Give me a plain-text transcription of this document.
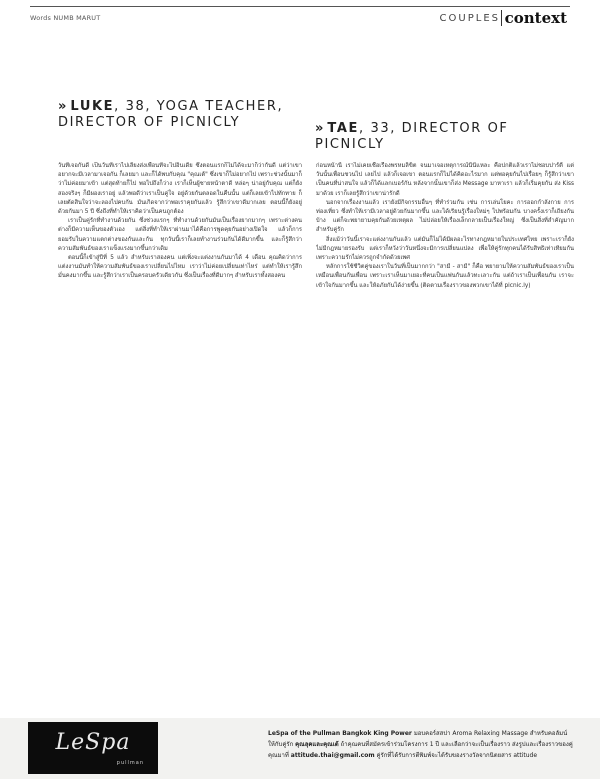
Words NUMB MARUT	COUPLES context
» LUKE, 38, YOGA TEACHER, DIRECTOR OF PICNICLY	» TAE, 33, DIRECTOR OF PICNICLY

วันที่เจอกันดี เป็นวันที่เราไปเลี้ยงส่งเพื่อนที่จะไปอินเดีย ซึ่งตอนแรกก็ไม่ได้จะมาก็ว่ากันดี แต่ว่าเขาอยากจะมีเวลามาเจอกัน ก็เลยมา และก็ได้พบกับคุณ "คุณเต้" ซึ่งเขาก็ไม่อยากไป เพราะช่วงนั้นมาก็ว่าไม่ค่อยมาเข้า แต่สุดท้ายก็ไป พอไปถึงก็ว่าง เราก็เห็นผู้ชายหน้าตาดี หล่อๆ น่าอยู่กับคุณ แต่ก็ยังสองจริงๆ ก็มีผองเราอยู่ แล้วพอดีว่าเราเป็นคู่ใจ อยู่ด้วยกันตลอดในคืนนั้น แต่ก็เลยเข้าไปทักทาย ก็เลยตัดสินใจว่าจะลองไปคบกัน มันเกิดจากว่าพอเราคุยกันแล้ว รู้สึกว่าเขาดีมากเลย ตอนนี้ก็ยังอยู่ด้วยกันมา 5 ปี ซึ่งถึงที่ทำให้เราคิดว่าเป็นคนถูกต้อง

เราเป็นคู่รักที่ทำงานด้วยกัน ซึ่งช่วงแรกๆ ที่ทำงานด้วยกันมันเป็นเรื่องยากมากๆ เพราะต่างคนต่างก็มีความเห็นของตัวเอง แต่สิ่งที่ทำให้เราผ่านมาได้คือการพูดคุยกันอย่างเปิดใจ แล้วก็การยอมรับในความแตกต่างของกันและกัน ทุกวันนี้เราก็เลยทำงานร่วมกันได้ดีมากขึ้น และก็รู้สึกว่าความสัมพันธ์ของเราแข็งแรงมากขึ้นกว่าเดิม

ตอนนี้ก็เข้าสู่ปีที่ 5 แล้ว สำหรับเราสองคน แต่เพิ่งจะแต่งงานกันมาได้ 4 เดือน คุณคิดว่าการแต่งงานมันทำให้ความสัมพันธ์ของเราเปลี่ยนไปไหม เราว่าไม่ค่อยเปลี่ยนเท่าไหร่ แต่ทำให้เรารู้สึกมั่นคงมากขึ้น และรู้สึกว่าเราเป็นครอบครัวเดียวกัน ซึ่งเป็นเรื่องที่ดีมากๆ สำหรับเราทั้งสองคน

ก่อนหน้านี้ เราไม่เคยเชื่อเรื่องพรหมลิขิต จนมาเจอเหตุการณ์นี้นี่แหละ คือปกติแล้วเราไม่ชอบปาร์ตี้ แต่วันนั้นเพื่อนชวนไป เลยไป แล้วก็เจอเขา ตอนแรกก็ไม่ได้คิดอะไรมาก แต่พอคุยกันไปเรื่อยๆ ก็รู้สึกว่าเขาเป็นคนที่น่าสนใจ แล้วก็ได้แลกเบอร์กัน หลังจากนั้นเขาก็ส่ง Message มาหาเรา แล้วก็เริ่มคุยกัน ส่ง Kiss มาด้วย เราก็เลยรู้สึกว่าเขาน่ารักดี

นอกจากเรื่องงานแล้ว เรายังมีกิจกรรมอื่นๆ ที่ทำร่วมกัน เช่น การเล่นโยคะ การออกกำลังกาย การท่องเที่ยว ซึ่งทำให้เรามีเวลาอยู่ด้วยกันมากขึ้น และได้เรียนรู้เรื่องใหม่ๆ ไปพร้อมกัน บางครั้งเราก็เถียงกันบ้าง แต่ก็จะพยายามคุยกันด้วยเหตุผล ไม่ปล่อยให้เรื่องเล็กกลายเป็นเรื่องใหญ่ ซึ่งเป็นสิ่งที่สำคัญมากสำหรับคู่รัก

สิ่งแม้ว่าวันนี้เราจะแต่งงานกันแล้ว แต่มันก็ไม่ได้มีผลอะไรทางกฎหมายในประเทศไทย เพราะเราก็ยังไม่มีกฎหมายรองรับ แต่เราก็หวังว่าวันหนึ่งจะมีการเปลี่ยนแปลง เพื่อให้คู่รักทุกคนได้รับสิทธิเท่าเทียมกัน เพราะความรักไม่ควรถูกจำกัดด้วยเพศ

หลักการใช้ชีวิตคู่ของเราในวันที่เป็นมากกว่า "สามี - สามี" ก็คือ พยายามให้ความสัมพันธ์ของเราเป็นเหมือนเพื่อนกันเพื่อน เพราะเราเห็นมาเยอะที่คนเป็นแฟนกันแล้วทะเลาะกัน แต่ถ้าเราเป็นเพื่อนกัน เราจะเข้าใจกันมากขึ้น และให้อภัยกันได้ง่ายขึ้น (ติดตามเรื่องราวของพวกเขาได้ที่ picnic.ly)

LeSpa
pullman
LeSpa of the Pullman Bangkok King Power มอบคอร์สสปา Aroma Relaxing Massage สำหรับคอลัมน์ให้กับคู่รัก คุณลุคและคุณเต้ ถ้าคุณคนที่สมัครเข้าร่วมโครงการ 1 ปี และเลือกว่าจะเป็นเรื่องราว ส่งรูปและเรื่องราวของคู่คุณมาที่ attitude.thai@gmail.com คู่รักที่ได้รับการตีพิมพ์จะได้รับของรางวัลจากนิตยสาร attitude
